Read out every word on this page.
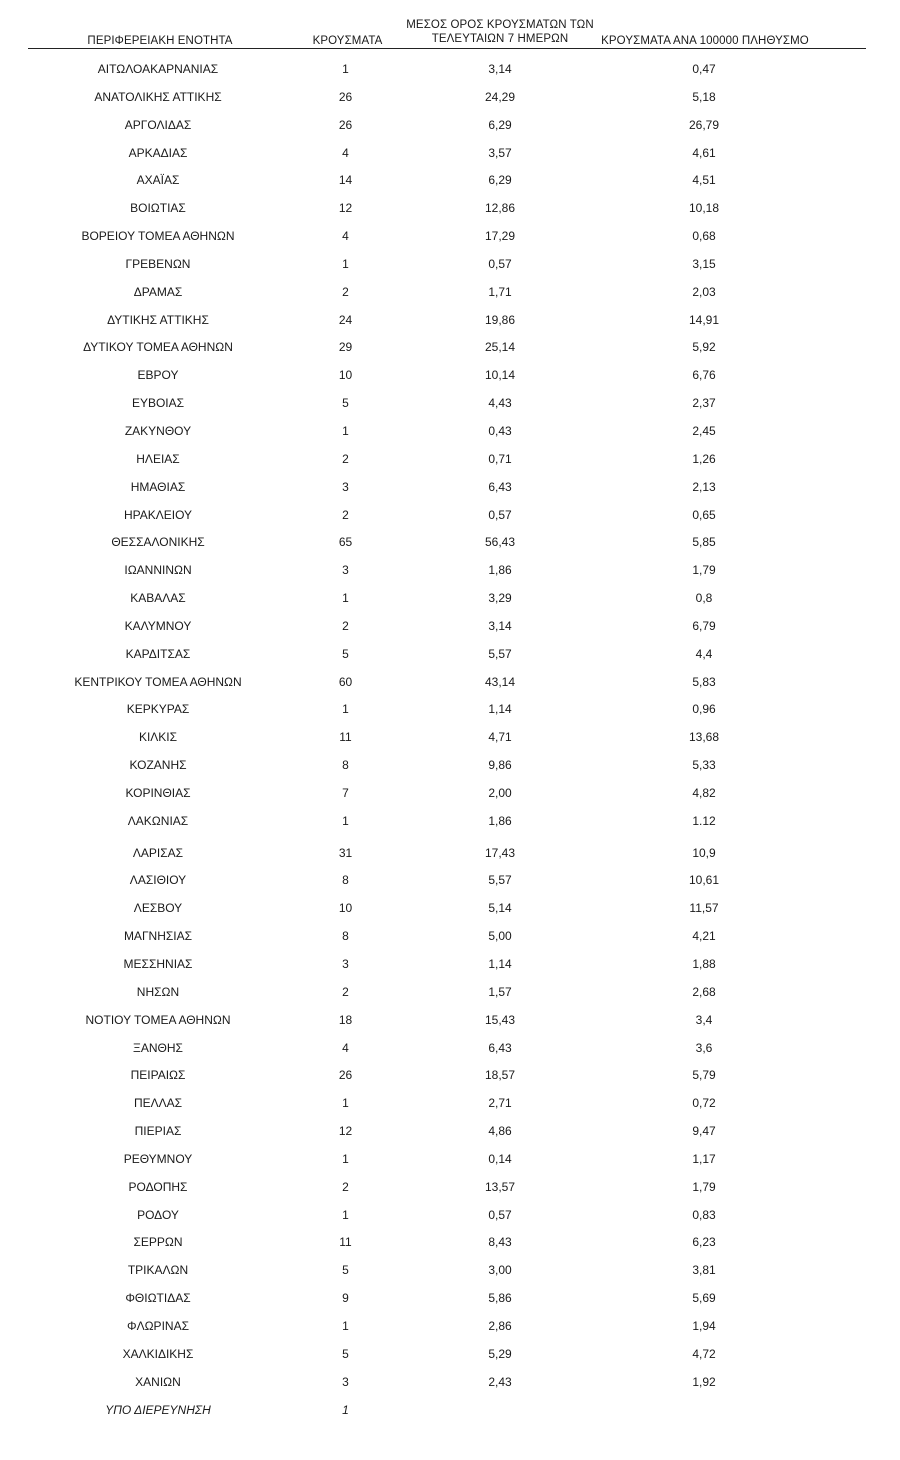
ΠΕΡΙΦΕΡΕΙΑΚΗ ΕΝΟΤΗΤΑ	ΚΡΟΥΣΜΑΤΑ
ΜΕΣΟΣ ΟΡΟΣ ΚΡΟΥΣΜΑΤΩΝ ΤΩΝ
ΤΕΛΕΥΤΑΙΩΝ 7 ΗΜΕΡΩΝ	ΚΡΟΥΣΜΑΤΑ ΑΝΑ 100000 ΠΛΗΘΥΣΜΟ
ΑΙΤΩΛΟΑΚΑΡΝΑΝΙΑΣ	1	3,14	0,47
ΑΝΑΤΟΛΙΚΗΣ ΑΤΤΙΚΗΣ	26	24,29	5,18
ΑΡΓΟΛΙΔΑΣ	26	6,29	26,79
ΑΡΚΑΔΙΑΣ	4	3,57	4,61
ΑΧΑΪΑΣ	14	6,29	4,51
ΒΟΙΩΤΙΑΣ	12	12,86	10,18
ΒΟΡΕΙΟΥ ΤΟΜΕΑ ΑΘΗΝΩΝ	4	17,29	0,68
ΓΡΕΒΕΝΩΝ	1	0,57	3,15
ΔΡΑΜΑΣ	2	1,71	2,03
ΔΥΤΙΚΗΣ ΑΤΤΙΚΗΣ	24	19,86	14,91
ΔΥΤΙΚΟΥ ΤΟΜΕΑ ΑΘΗΝΩΝ	29	25,14	5,92
ΕΒΡΟΥ	10	10,14	6,76
ΕΥΒΟΙΑΣ	5	4,43	2,37
ΖΑΚΥΝΘΟΥ	1	0,43	2,45
ΗΛΕΙΑΣ	2	0,71	1,26
ΗΜΑΘΙΑΣ	3	6,43	2,13
ΗΡΑΚΛΕΙΟΥ	2	0,57	0,65
ΘΕΣΣΑΛΟΝΙΚΗΣ	65	56,43	5,85
ΙΩΑΝΝΙΝΩΝ	3	1,86	1,79
ΚΑΒΑΛΑΣ	1	3,29	0,8
ΚΑΛΥΜΝΟΥ	2	3,14	6,79
ΚΑΡΔΙΤΣΑΣ	5	5,57	4,4
ΚΕΝΤΡΙΚΟΥ ΤΟΜΕΑ ΑΘΗΝΩΝ	60	43,14	5,83
ΚΕΡΚΥΡΑΣ	1	1,14	0,96
ΚΙΛΚΙΣ	11	4,71	13,68
ΚΟΖΑΝΗΣ	8	9,86	5,33
ΚΟΡΙΝΘΙΑΣ	7	2,00	4,82
ΛΑΚΩΝΙΑΣ	1	1,86	1.12
ΛΑΡΙΣΑΣ	31	17,43	10,9
ΛΑΣΙΘΙΟΥ	8	5,57	10,61
ΛΕΣΒΟΥ	10	5,14	11,57
ΜΑΓΝΗΣΙΑΣ	8	5,00	4,21
ΜΕΣΣΗΝΙΑΣ	3	1,14	1,88
ΝΗΣΩΝ	2	1,57	2,68
ΝΟΤΙΟΥ ΤΟΜΕΑ ΑΘΗΝΩΝ	18	15,43	3,4
ΞΑΝΘΗΣ	4	6,43	3,6
ΠΕΙΡΑΙΩΣ	26	18,57	5,79
ΠΕΛΛΑΣ	1	2,71	0,72
ΠΙΕΡΙΑΣ	12	4,86	9,47
ΡΕΘΥΜΝΟΥ	1	0,14	1,17
ΡΟΔΟΠΗΣ	2	13,57	1,79
ΡΟΔΟΥ	1	0,57	0,83
ΣΕΡΡΩΝ	11	8,43	6,23
ΤΡΙΚΑΛΩΝ	5	3,00	3,81
ΦΘΙΩΤΙΔΑΣ	9	5,86	5,69
ΦΛΩΡΙΝΑΣ	1	2,86	1,94
ΧΑΛΚΙΔΙΚΗΣ	5	5,29	4,72
ΧΑΝΙΩΝ	3	2,43	1,92
ΥΠΟ ΔΙΕΡΕΥΝΗΣΗ	1
